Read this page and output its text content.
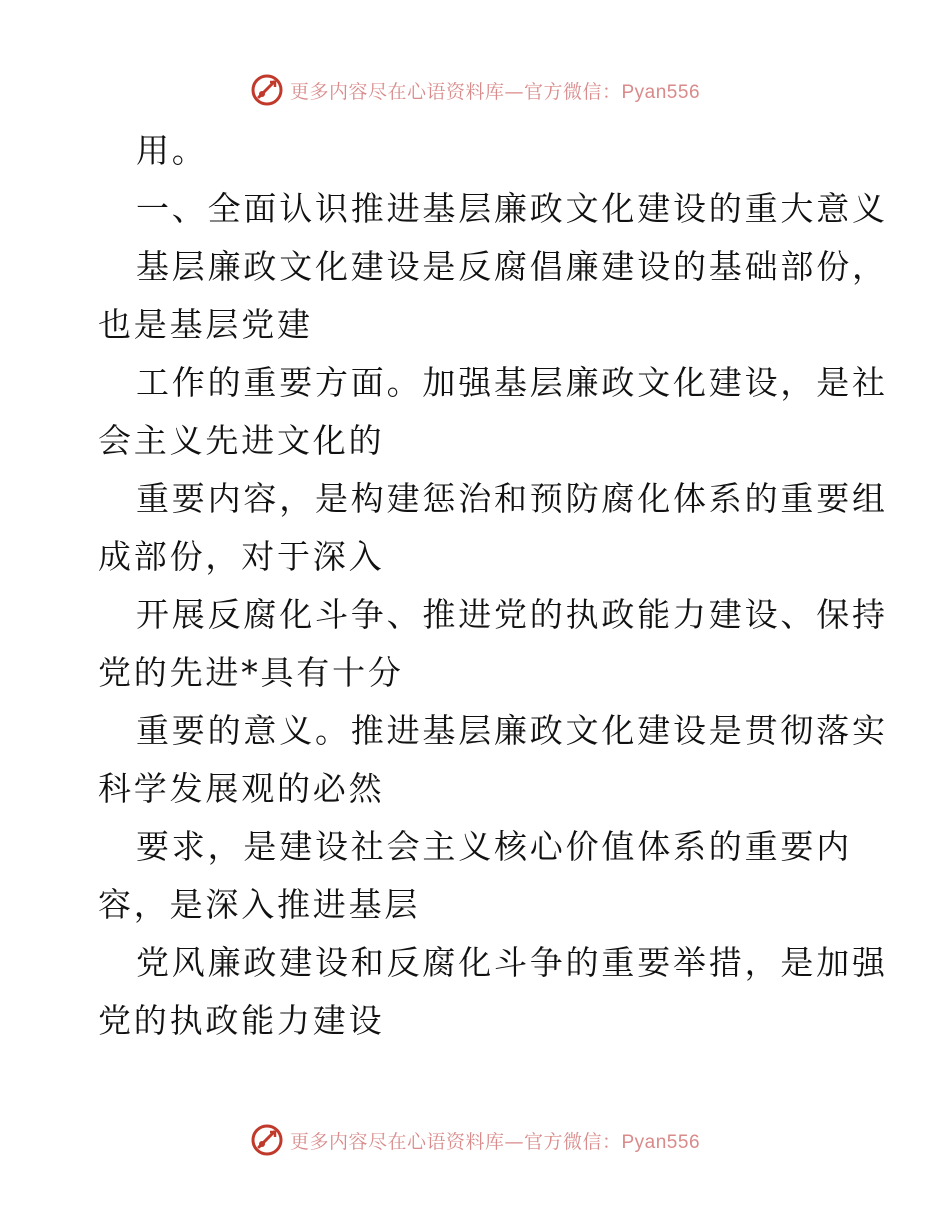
更多内容尽在心语资料库—官方微信：Pyan556
用。
一、全面认识推进基层廉政文化建设的重大意义
基层廉政文化建设是反腐倡廉建设的基础部份，
也是基层党建
工作的重要方面。加强基层廉政文化建设，是社
会主义先进文化的
重要内容，是构建惩治和预防腐化体系的重要组
成部份，对于深入
开展反腐化斗争、推进党的执政能力建设、保持
党的先进*具有十分
重要的意义。推进基层廉政文化建设是贯彻落实
科学发展观的必然
要求，是建设社会主义核心价值体系的重要内
容，是深入推进基层
党风廉政建设和反腐化斗争的重要举措，是加强
党的执政能力建设
更多内容尽在心语资料库—官方微信：Pyan556
